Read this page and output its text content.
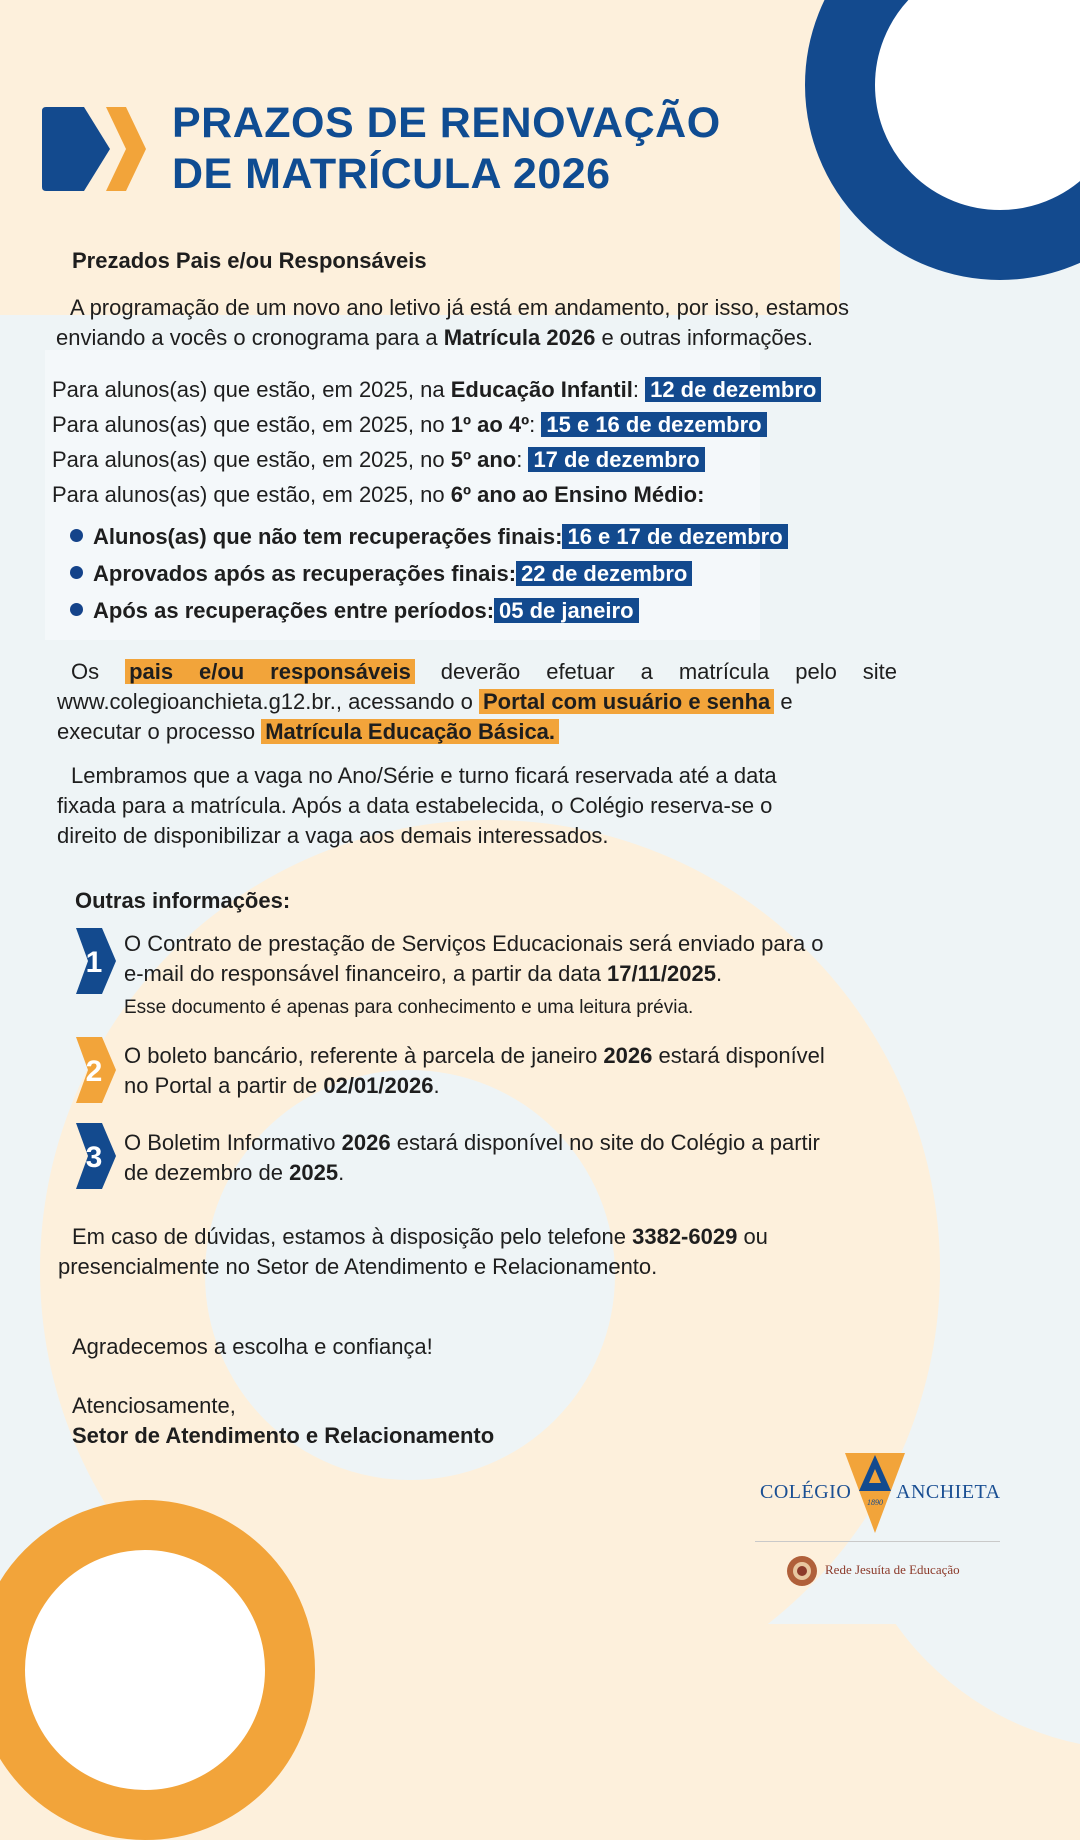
PRAZOS DE RENOVAÇÃO
DE MATRÍCULA 2026
Prezados Pais e/ou Responsáveis
A programação de um novo ano letivo já está em andamento, por isso, estamos
enviando a vocês o cronograma para a Matrícula 2026 e outras informações.
Para alunos(as) que estão, em 2025, na Educação Infantil: 12 de dezembro
Para alunos(as) que estão, em 2025, no 1º ao 4º: 15 e 16 de dezembro
Para alunos(as) que estão, em 2025, no 5º ano: 17 de dezembro
Para alunos(as) que estão, em 2025, no 6º ano ao Ensino Médio:
Alunos(as) que não tem recuperações finais: 16 e 17 de dezembro
Aprovados após as recuperações finais: 22 de dezembro
Após as recuperações entre períodos: 05 de janeiro
Os pais e/ou responsáveis deverão efetuar a matrícula pelo site
www.colegioanchieta.g12.br., acessando o Portal com usuário e senha e
executar o processo Matrícula Educação Básica.
Lembramos que a vaga no Ano/Série e turno ficará reservada até a data
fixada para a matrícula. Após a data estabelecida, o Colégio reserva-se o
direito de disponibilizar a vaga aos demais interessados.
Outras informações:
1
O Contrato de prestação de Serviços Educacionais será enviado para o
e-mail do responsável financeiro, a partir da data 17/11/2025.
Esse documento é apenas para conhecimento e uma leitura prévia.
2 O boleto bancário, referente à parcela de janeiro 2026 estará disponível
no Portal a partir de 02/01/2026.
3 O Boletim Informativo 2026 estará disponível no site do Colégio a partir
de dezembro de 2025.
Em caso de dúvidas, estamos à disposição pelo telefone 3382-6029 ou
presencialmente no Setor de Atendimento e Relacionamento.
Agradecemos a escolha e confiança!
Atenciosamente,
Setor de Atendimento e Relacionamento
COLÉGIO 1890 ANCHIETA
Rede Jesuíta de Educação
